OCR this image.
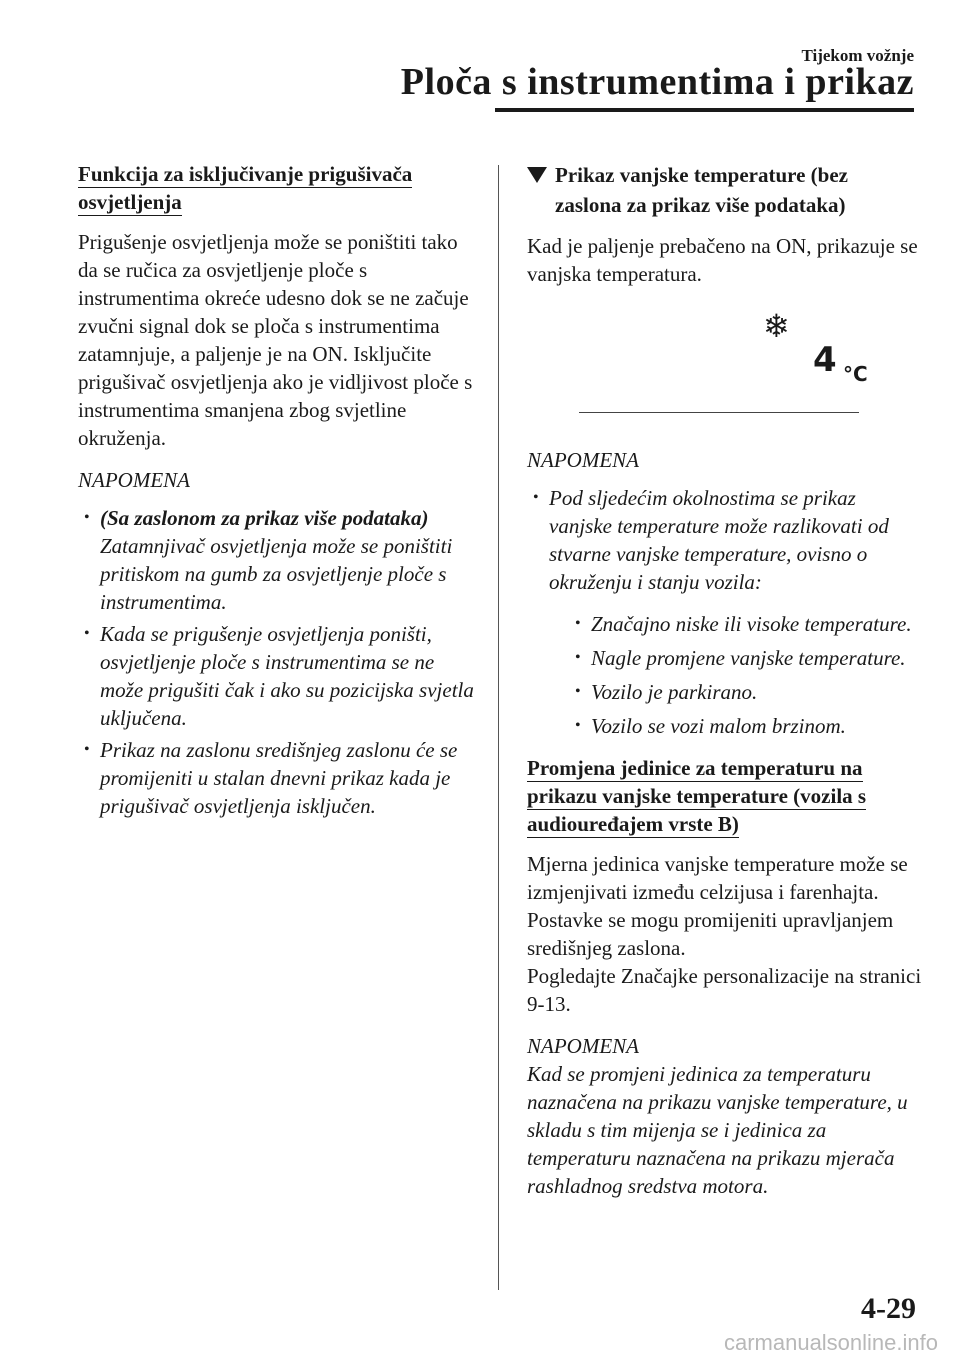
Tijekom vožnje
Ploča s instrumentima i prikaz
Funkcija za isključivanje prigušivača
osvjetljenja

Prigušenje osvjetljenja može se poništiti tako da se ručica za osvjetljenje ploče s instrumentima okreće udesno dok se ne začuje zvučni signal dok se ploča s instrumentima zatamnjuje, a paljenje je na ON. Isključite prigušivač osvjetljenja ako je vidljivost ploče s instrumentima smanjena zbog svjetline okruženja.

NAPOMENA
• (Sa zaslonom za prikaz više podataka)
Zatamnjivač osvjetljenja može se poništiti pritiskom na gumb za osvjetljenje ploče s instrumentima.
• Kada se prigušenje osvjetljenja poništi, osvjetljenje ploče s instrumentima se ne može prigušiti čak i ako su pozicijska svjetla uključena.
• Prikaz na zaslonu središnjeg zaslonu će se promijeniti u stalan dnevni prikaz kada je prigušivač osvjetljenja isključen.
Prikaz vanjske temperature (bez
zaslona za prikaz više podataka)

Kad je paljenje prebačeno na ON, prikazuje se vanjska temperatura.

❄
4 °C
NAPOMENA
• Pod sljedećim okolnostima se prikaz vanjske temperature može razlikovati od stvarne vanjske temperature, ovisno o okruženju i stanju vozila:
• Značajno niske ili visoke temperature.
• Nagle promjene vanjske temperature.
• Vozilo je parkirano.
• Vozilo se vozi malom brzinom.
Promjena jedinice za temperaturu na
prikazu vanjske temperature (vozila s
audiouređajem vrste B)

Mjerna jedinica vanjske temperature može se izmjenjivati između celzijusa i farenhajta.

Postavke se mogu promijeniti upravljanjem središnjeg zaslona.

Pogledajte Značajke personalizacije na stranici 9-13.

NAPOMENA

Kad se promjeni jedinica za temperaturu naznačena na prikazu vanjske temperature, u skladu s tim mijenja se i jedinica za temperaturu naznačena na prikazu mjerača rashladnog sredstva motora.

4-29
carmanualsonline.info
